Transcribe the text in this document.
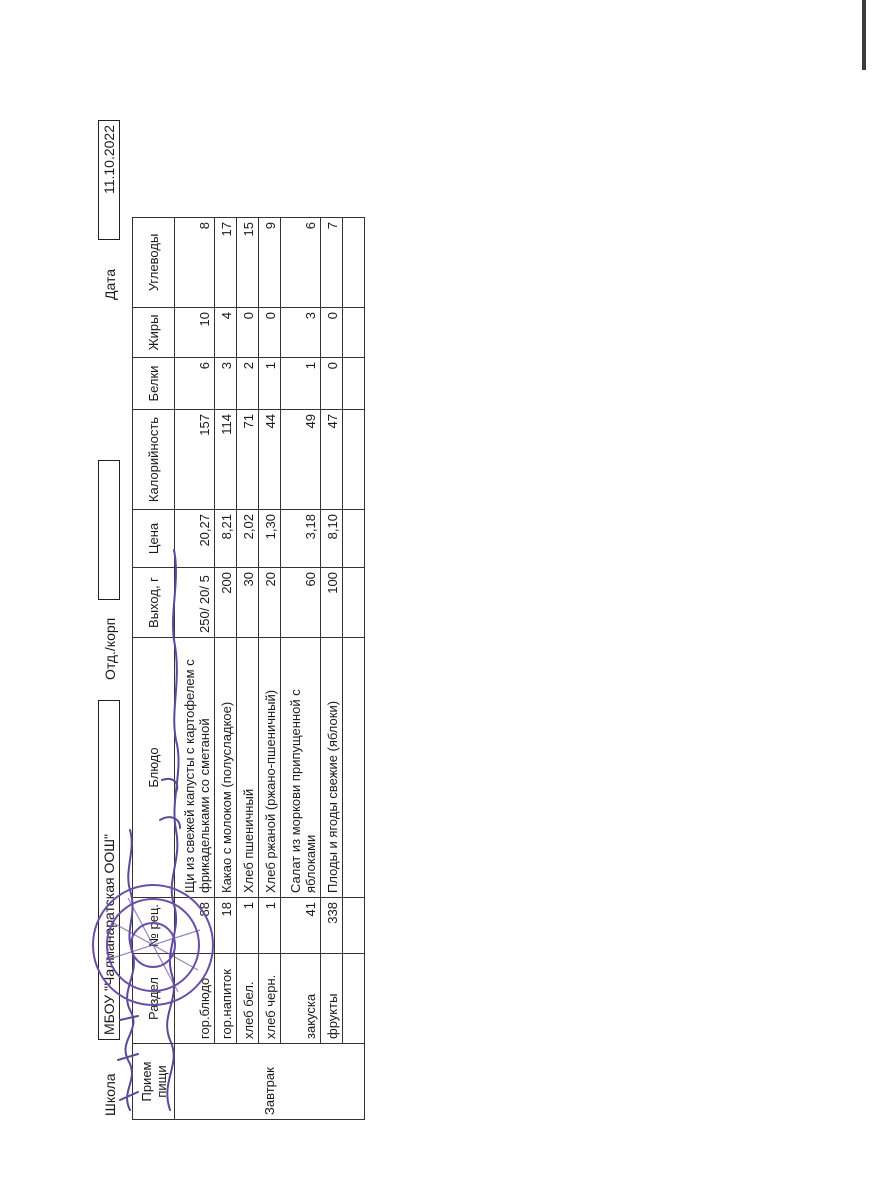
Школа
МБОУ "Чалманаратская ООШ"
Отд./корп
Дата
11.10.2022
Прием пищи	Раздел	№ рец.	Блюдо	Выход, г	Цена	Калорийность	Белки	Жиры	Углеводы
Завтрак	гор.блюдо	88	Щи из свежей капусты с картофелем с фрикадельками со сметаной	250/ 20/ 5	20,27	157	6	10	8
	гор.напиток	18	Какао с молоком (полусладкое)	200	8,21	114	3	4	17
	хлеб бел.	1	Хлеб пшеничный	30	2,02	71	2	0	15
	хлеб черн.	1	Хлеб ржаной (ржано-пшеничный)	20	1,30	44	1	0	9
	закуска	41	Салат из моркови припущенной с яблоками	60	3,18	49	1	3	6
	фрукты	338	Плоды и ягоды свежие (яблоки)	100	8,10	47	0	0	7
